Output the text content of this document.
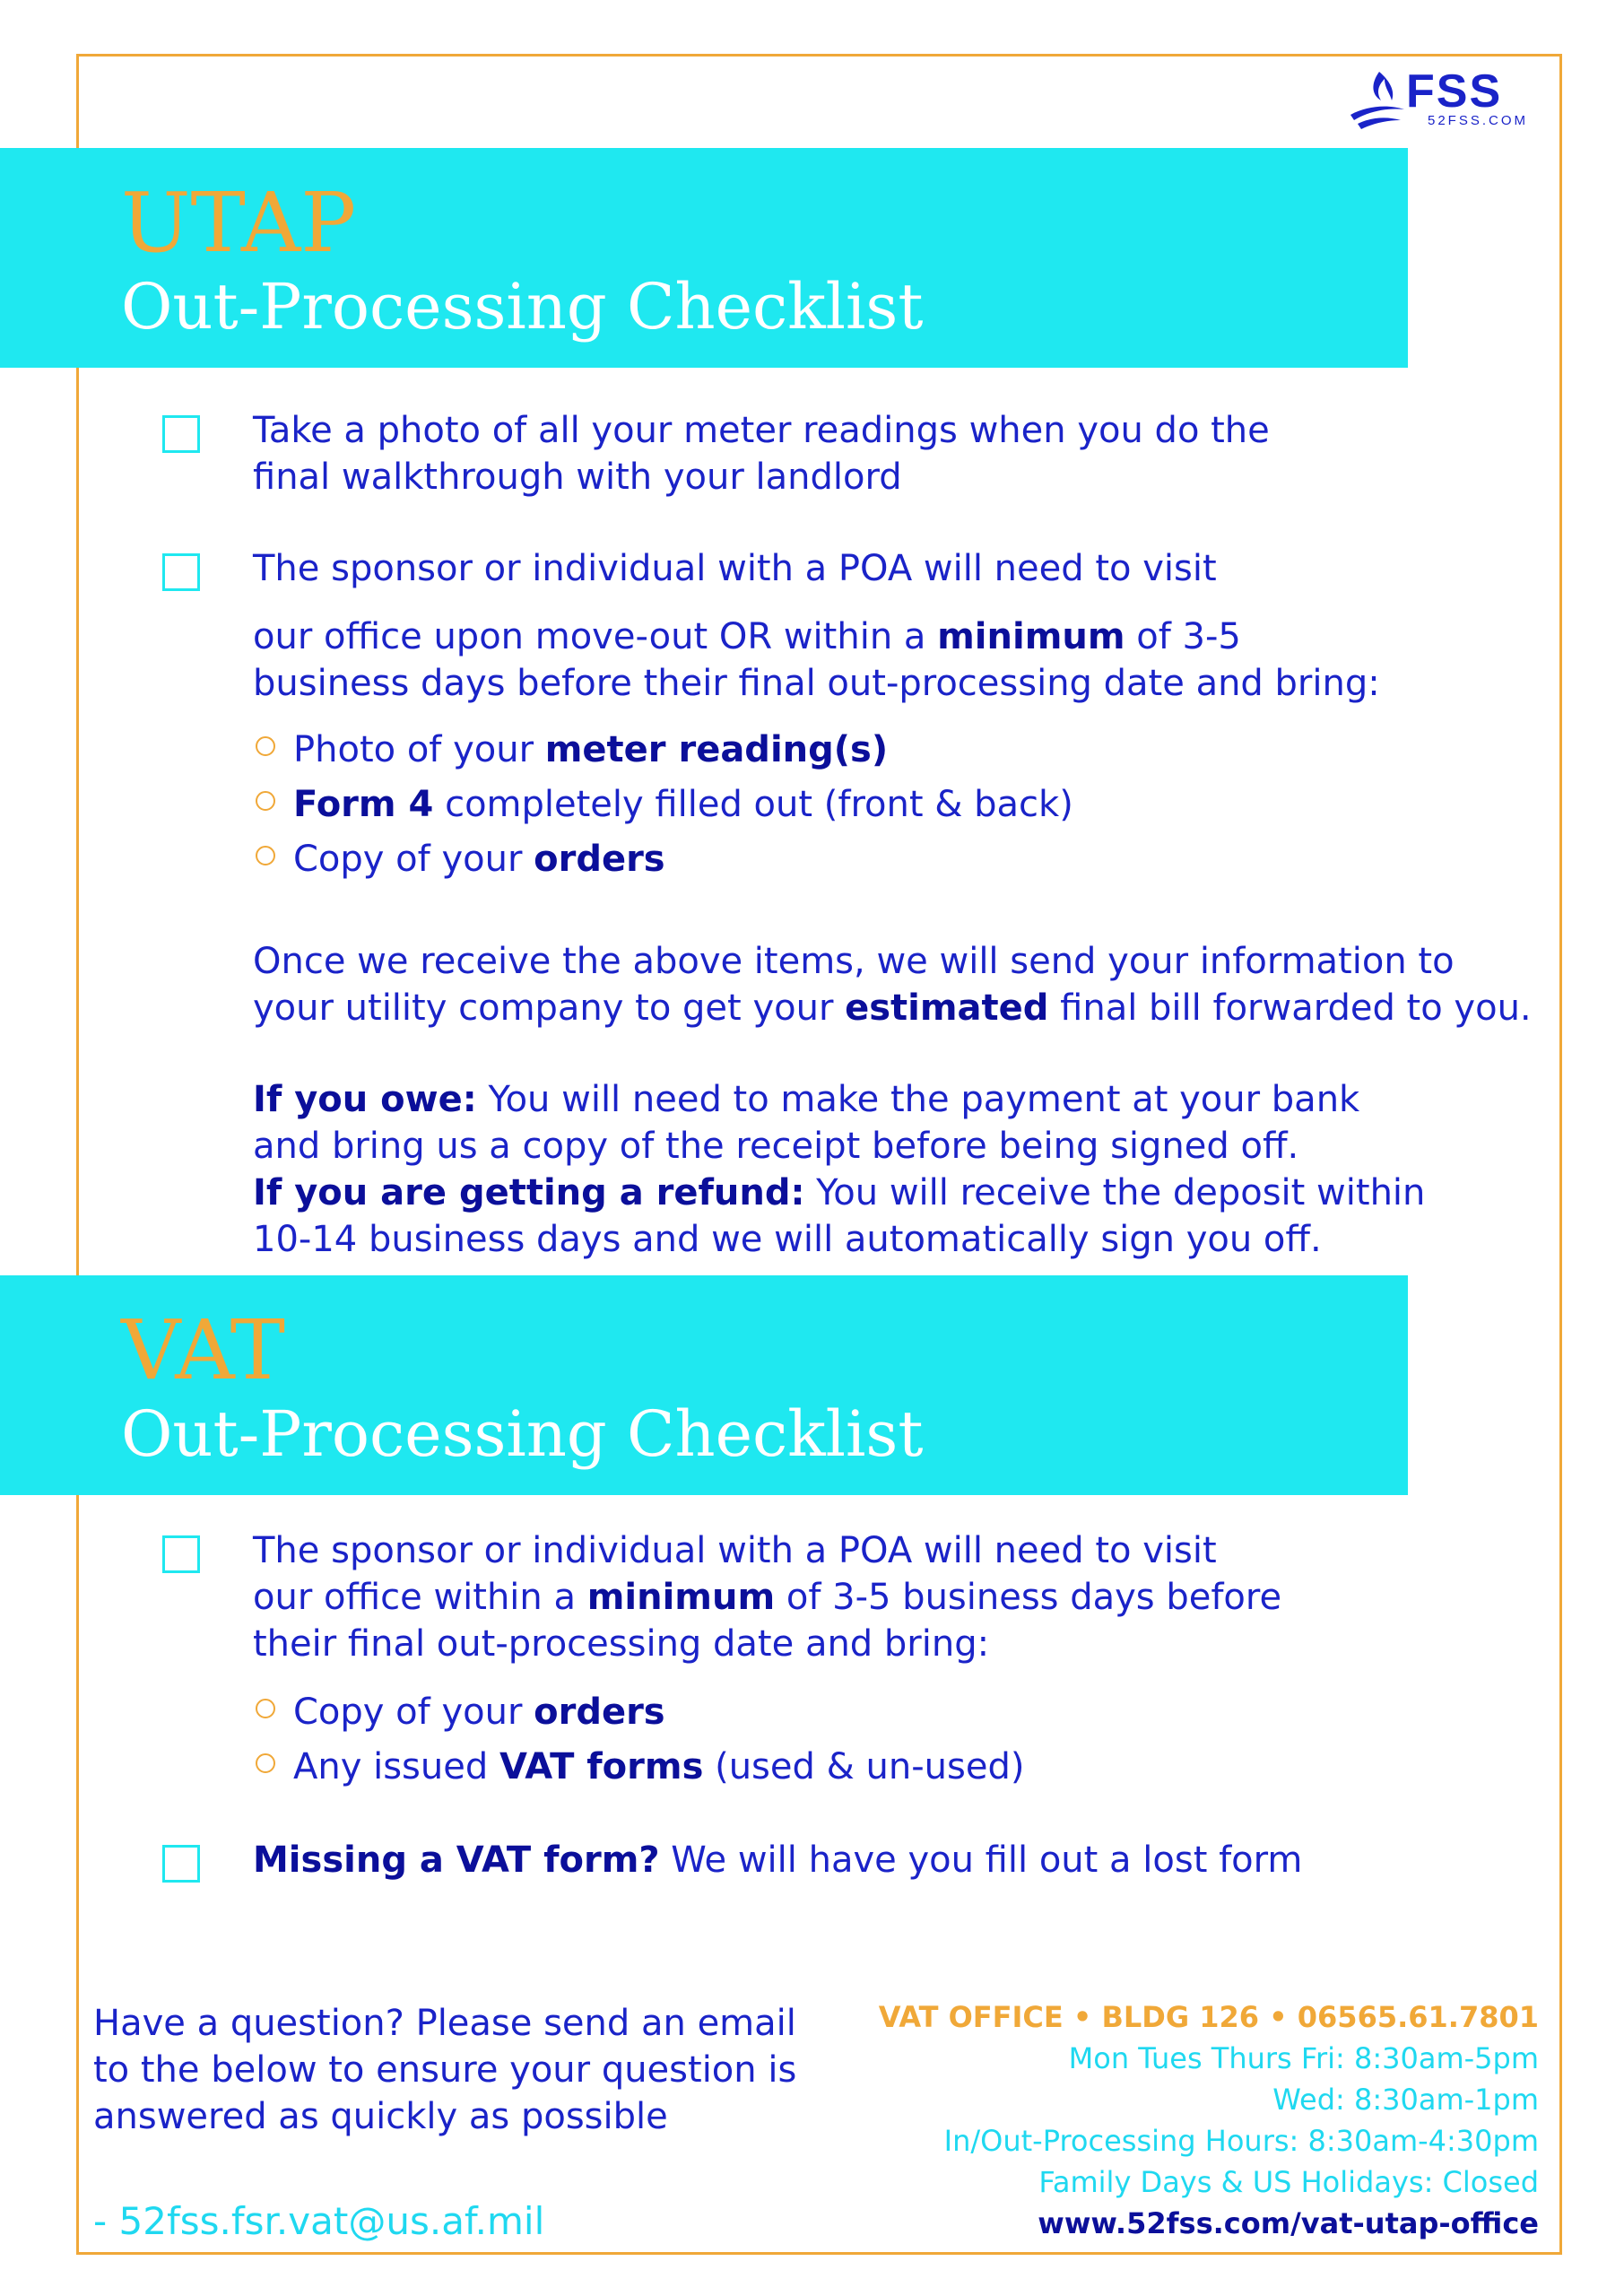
FSS
52FSS.COM
UTAP
Out-Processing Checklist
Take a photo of all your meter readings when you do the
final walkthrough with your landlord
The sponsor or individual with a POA will need to visit
our office upon move-out OR within a minimum of 3-5
business days before their final out-processing date and bring:
Photo of your meter reading(s)
Form 4 completely filled out (front & back)
Copy of your orders
Once we receive the above items, we will send your information to
your utility company to get your estimated final bill forwarded to you.
If you owe: You will need to make the payment at your bank
and bring us a copy of the receipt before being signed off.
If you are getting a refund: You will receive the deposit within
10-14 business days and we will automatically sign you off.
VAT
Out-Processing Checklist
The sponsor or individual with a POA will need to visit
our office within a minimum of 3-5 business days before
their final out-processing date and bring:
Copy of your orders
Any issued VAT forms (used & un-used)
Missing a VAT form? We will have you fill out a lost form
Have a question? Please send an email
to the below to ensure your question is
answered as quickly as possible
- 52fss.fsr.vat@us.af.mil
VAT OFFICE • BLDG 126 • 06565.61.7801
Mon Tues Thurs Fri: 8:30am-5pm
Wed: 8:30am-1pm
In/Out-Processing Hours: 8:30am-4:30pm
Family Days & US Holidays: Closed
www.52fss.com/vat-utap-office
